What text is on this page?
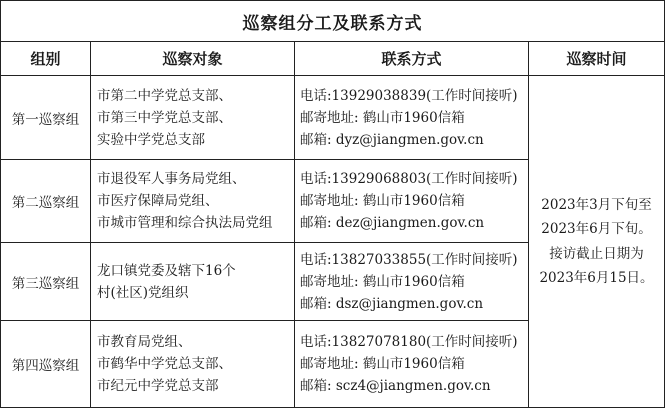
巡察组分工及联系方式			
组别	巡察对象	联系方式	巡察时间
第一巡察组	市第二中学党总支部、
市第三中学党总支部、
实验中学党总支部	电话:13929038839(工作时间接听)
邮寄地址: 鹤山市1960信箱
邮箱: dyz@jiangmen.gov.cn	2023年3月下旬至
2023年6月下旬。
接访截止日期为
2023年6月15日。

第二巡察组	市退役军人事务局党组、
市医疗保障局党组、
市城市管理和综合执法局党组	电话:13929068803(工作时间接听)
邮寄地址: 鹤山市1960信箱
邮箱: dez@jiangmen.gov.cn	

第三巡察组	龙口镇党委及辖下16个
村(社区)党组织	电话:13827033855(工作时间接听)
邮寄地址: 鹤山市1960信箱
邮箱: dsz@jiangmen.gov.cn	

第四巡察组	市教育局党组、
市鹤华中学党总支部、
市纪元中学党总支部	电话:13827078180(工作时间接听)
邮寄地址: 鹤山市1960信箱
邮箱: scz4@jiangmen.gov.cn	
